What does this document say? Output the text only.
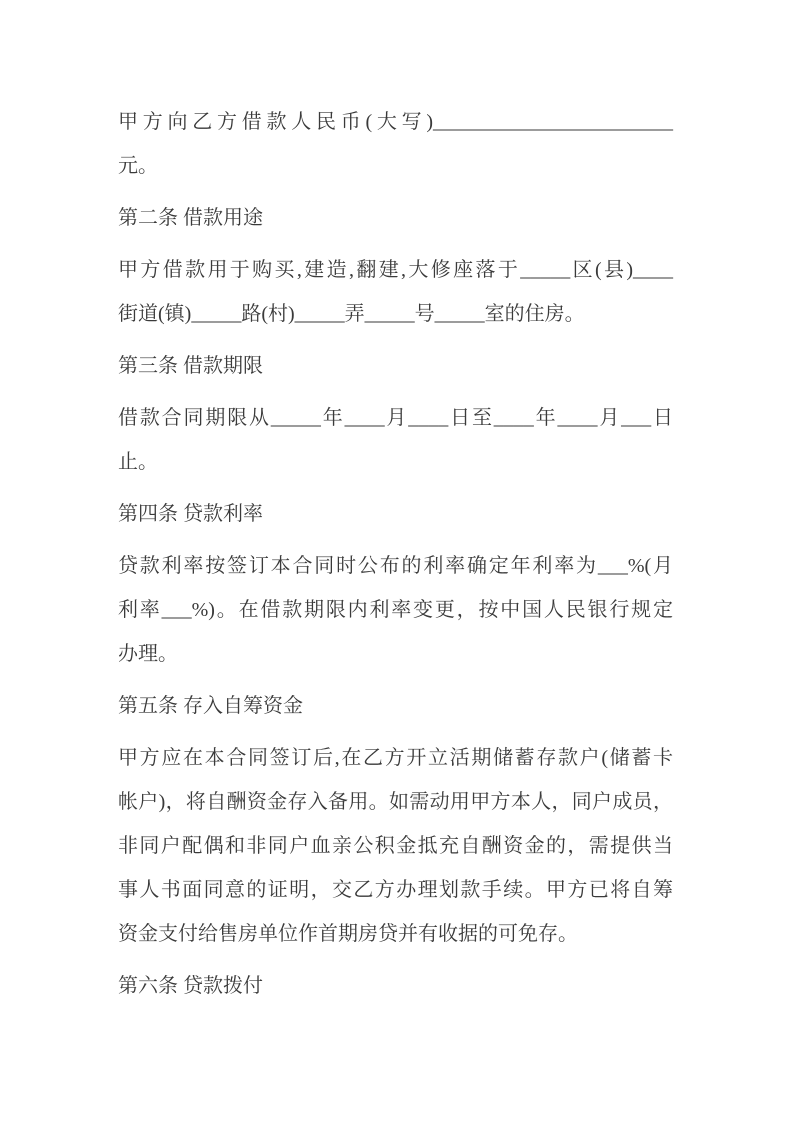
甲方向乙方借款人民币(大写)________________________
元。
第二条 借款用途
甲方借款用于购买,建造,翻建,大修座落于_____区(县)____
街道(镇)_____路(村)_____弄_____号_____室的住房。
第三条 借款期限
借款合同期限从_____年____月____日至____年____月___日
止。
第四条 贷款利率
贷款利率按签订本合同时公布的利率确定年利率为___%(月
利率___%)。在借款期限内利率变更，按中国人民银行规定
办理。
第五条 存入自筹资金
甲方应在本合同签订后,在乙方开立活期储蓄存款户(储蓄卡
帐户)，将自酬资金存入备用。如需动用甲方本人，同户成员，
非同户配偶和非同户血亲公积金抵充自酬资金的，需提供当
事人书面同意的证明，交乙方办理划款手续。甲方已将自筹
资金支付给售房单位作首期房贷并有收据的可免存。
第六条 贷款拨付
